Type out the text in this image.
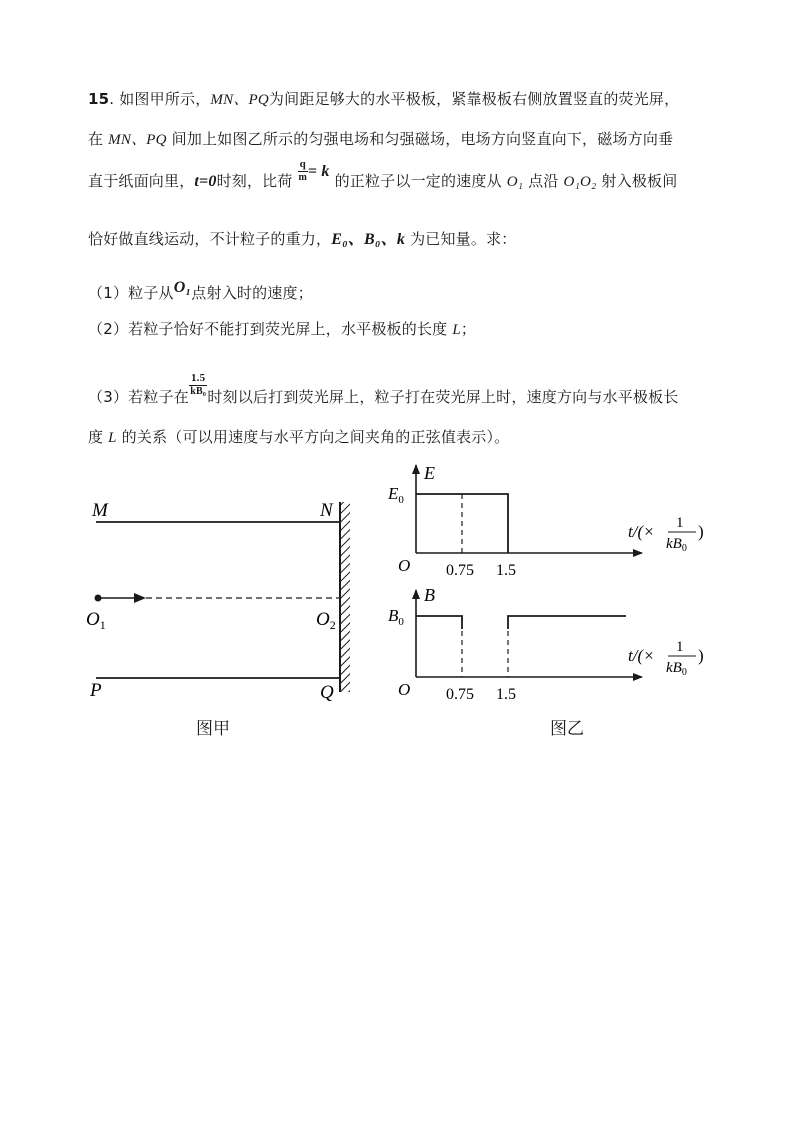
15. 如图甲所示，MN、PQ为间距足够大的水平极板，紧靠极板右侧放置竖直的荧光屏，
在 MN、PQ 间加上如图乙所示的匀强电场和匀强磁场，电场方向竖直向下，磁场方向垂
直于纸面向里，t=0时刻，比荷 $\frac{q}{m} = k$ 的正粒子以一定的速度从 O₁ 点沿 O₁O₂ 射入极板间
恰好做直线运动，不计粒子的重力，E₀、B₀、k 为已知量。求：
（1）粒子从O₁点射入时的速度；
（2）若粒子恰好不能打到荧光屏上，水平极板的长度 L；
（3）若粒子在 $\frac{1.5}{\text{kB₀}}$ 时刻以后打到荧光屏上，粒子打在荧光屏上时，速度方向与水平极板长
度 L 的关系（可以用速度与水平方向之间夹角的正弦值表示）。
M	N
P	Q
$O_1$	$O_2$
图甲
E
$E_0$
O 0.75 1.5
t/(× 1
$kB_0$
)
B
$B_0$
O 0.75 1.5
t/(× 1
$kB_0$
)
图乙
